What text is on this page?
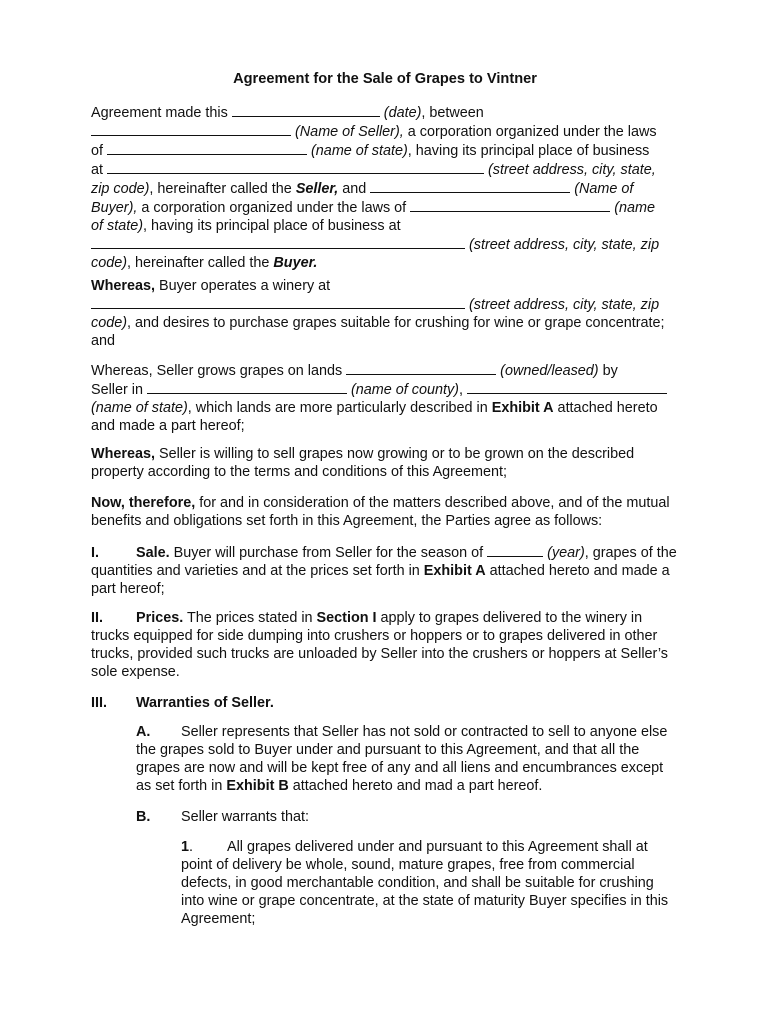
Agreement for the Sale of Grapes to Vintner

Agreement made this	(date), between
(Name of Seller), a corporation organized under the laws
of	(name of state), having its principal place of business
at	(street address, city, state,
zip code), hereinafter called the Seller, and	(Name of
Buyer), a corporation organized under the laws of	(name
of state), having its principal place of business at
(street address, city, state, zip
code), hereinafter called the Buyer.

Whereas, Buyer operates a winery at
(street address, city, state, zip
code), and desires to purchase grapes suitable for crushing for wine or grape concentrate; and

Whereas, Seller grows grapes on lands	(owned/leased) by
Seller in	(name of county),
(name of state), which lands are more particularly described in Exhibit A attached hereto and made a part hereof;

Whereas, Seller is willing to sell grapes now growing or to be grown on the described property according to the terms and conditions of this Agreement;

Now, therefore, for and in consideration of the matters described above, and of the mutual benefits and obligations set forth in this Agreement, the Parties agree as follows:

I.	Sale. Buyer will purchase from Seller for the season of	(year), grapes of the quantities and varieties and at the prices set forth in Exhibit A attached hereto and made a part hereof;

II. Prices. The prices stated in Section I apply to grapes delivered to the winery in trucks equipped for side dumping into crushers or hoppers or to grapes delivered in other trucks, provided such trucks are unloaded by Seller into the crushers or hoppers at Seller’s sole expense.

III. Warranties of Seller.

A. Seller represents that Seller has not sold or contracted to sell to anyone else the grapes sold to Buyer under and pursuant to this Agreement, and that all the grapes are now and will be kept free of any and all liens and encumbrances except as set forth in Exhibit B attached hereto and mad a part hereof.

B. Seller warrants that:

1. All grapes delivered under and pursuant to this Agreement shall at point of delivery be whole, sound, mature grapes, free from commercial defects, in good merchantable condition, and shall be suitable for crushing into wine or grape concentrate, at the state of maturity Buyer specifies in this Agreement;
